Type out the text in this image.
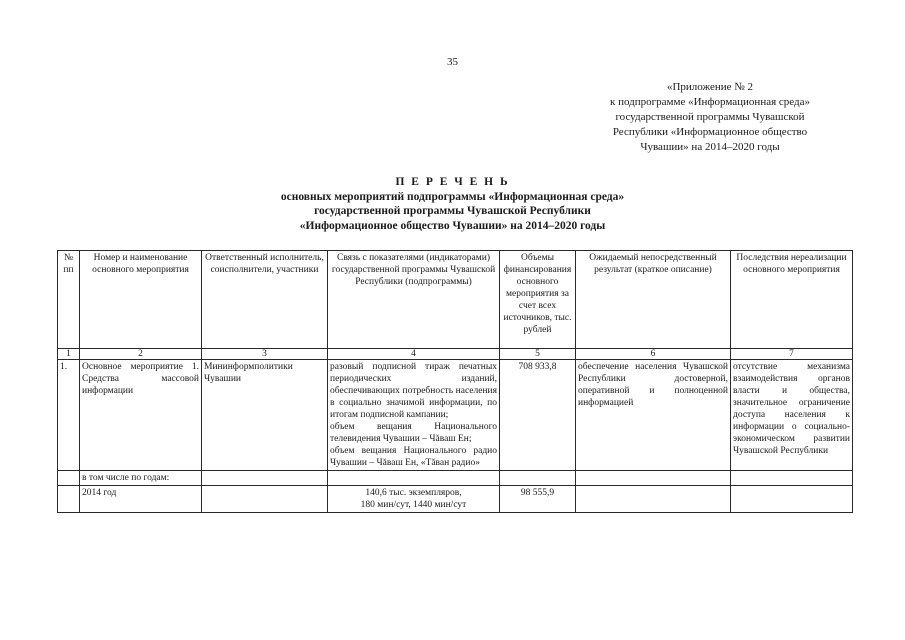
35
«Приложение № 2
к подпрограмме «Информационная среда»
государственной программы Чувашской
Республики «Информационное общество
Чувашии» на 2014–2020 годы
П Е Р Е Ч Е Н Ь
основных мероприятий подпрограммы «Информационная среда»
государственной программы Чувашской Республики
«Информационное общество Чувашии» на 2014–2020 годы
№ пп	Номер и наименование основного мероприятия	Ответственный исполнитель, соисполнители, участники	Связь с показателями (индикаторами) государственной программы Чувашской Республики (подпрограммы)	Объемы финансирования основного мероприятия за счет всех источников, тыс. рублей	Ожидаемый непосредственный результат (краткое описание)	Последствия нереализации основного мероприятия
1	2	3	4	5	6	7
1.	Основное мероприятие 1. Средства массовой информации	Мининформполитики Чувашии	разовый подписной тираж печатных периодических изданий, обеспечивающих потребность населения в социально значимой информации, по итогам подписной кампании;
объем вещания Национального телевидения Чувашии – Чăваш Ен;
объем вещания Национального радио Чувашии – Чăваш Ен, «Тăван радио»	708 933,8	обеспечение населения Чувашской Республики достоверной, оперативной и полноценной информацией	отсутствие механизма взаимодействия органов власти и общества, значительное ограничение доступа населения к информации о социально-экономическом развитии Чувашской Республики
	в том числе по годам:					
	2014 год		140,6 тыс. экземпляров,
180 мин/сут, 1440 мин/сут	98 555,9		
